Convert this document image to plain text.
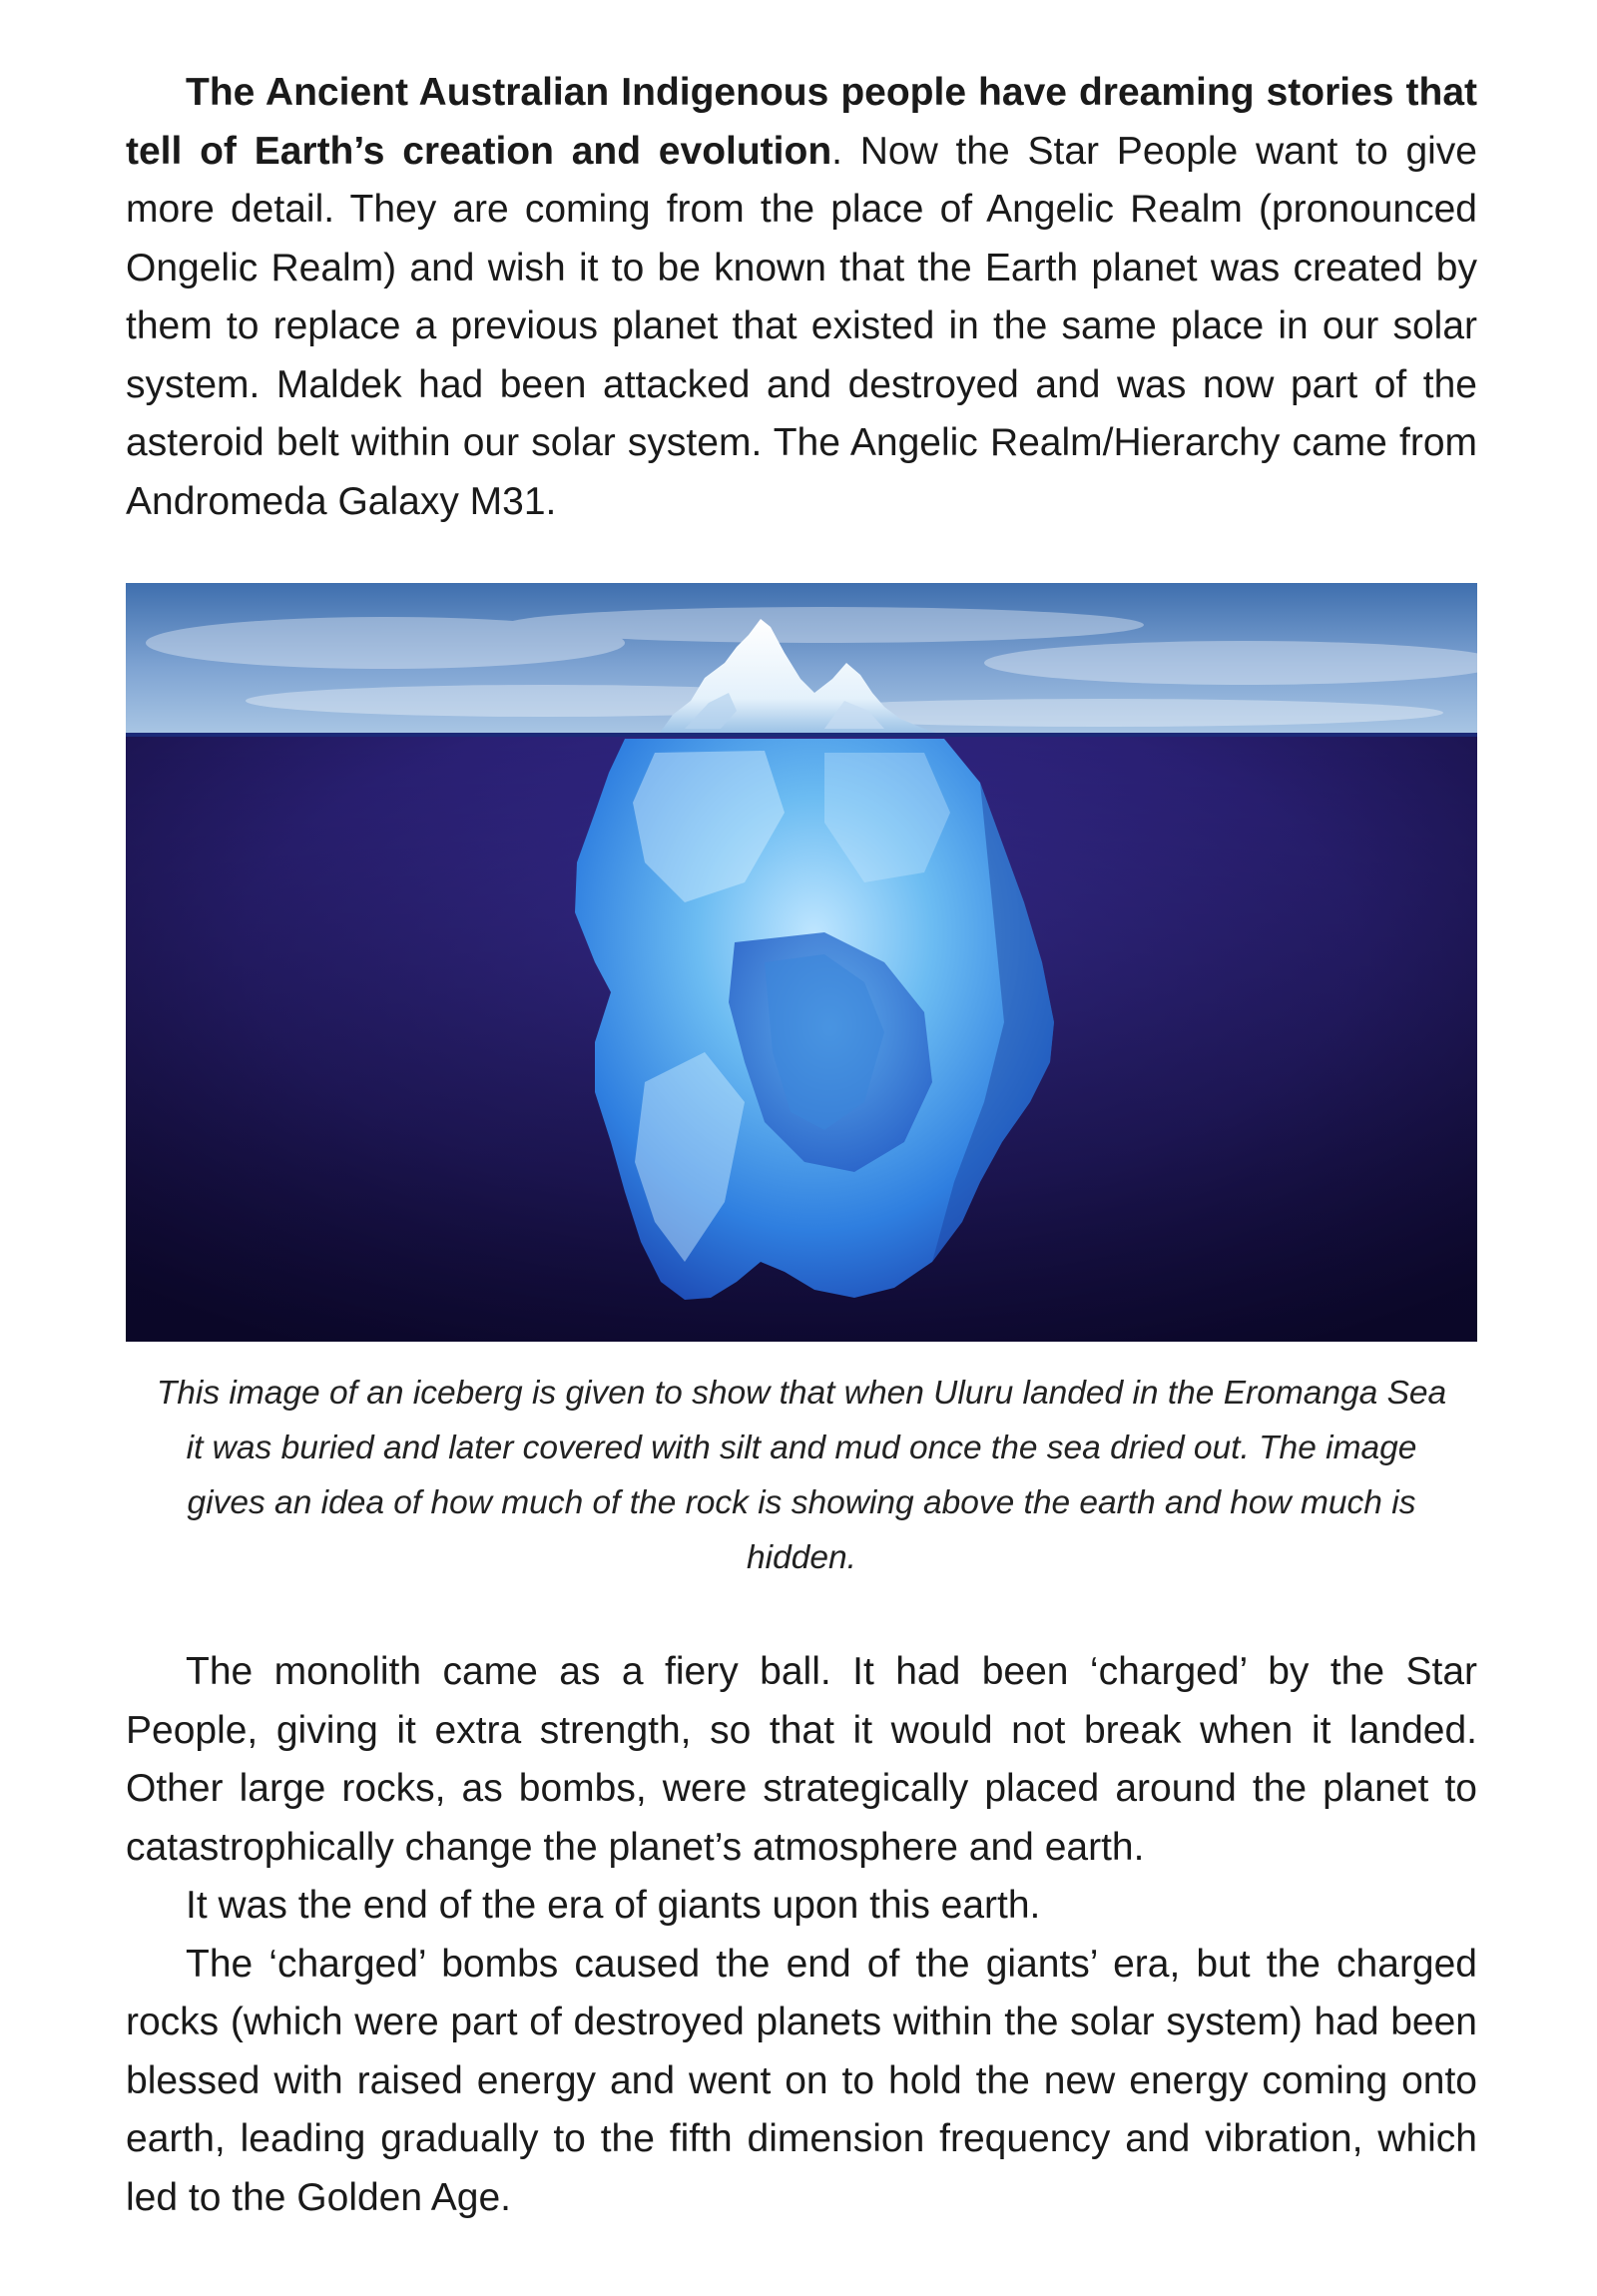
The Ancient Australian Indigenous people have dreaming stories that tell of Earth’s creation and evolution. Now the Star People want to give more detail. They are coming from the place of Angelic Realm (pronounced Ongelic Realm) and wish it to be known that the Earth planet was created by them to replace a previous planet that existed in the same place in our solar system. Maldek had been attacked and destroyed and was now part of the asteroid belt within our solar system. The Angelic Realm/Hierarchy came from Andromeda Galaxy M31.

This image of an iceberg is given to show that when Uluru landed in the Eromanga Sea it was buried and later covered with silt and mud once the sea dried out. The image gives an idea of how much of the rock is showing above the earth and how much is hidden.

The monolith came as a fiery ball. It had been ‘charged’ by the Star People, giving it extra strength, so that it would not break when it landed. Other large rocks, as bombs, were strategically placed around the planet to catastrophically change the planet’s atmosphere and earth.

It was the end of the era of giants upon this earth.

The ‘charged’ bombs caused the end of the giants’ era, but the charged rocks (which were part of destroyed planets within the solar system) had been blessed with raised energy and went on to hold the new energy coming onto earth, leading gradually to the fifth dimension frequency and vibration, which led to the Golden Age.
